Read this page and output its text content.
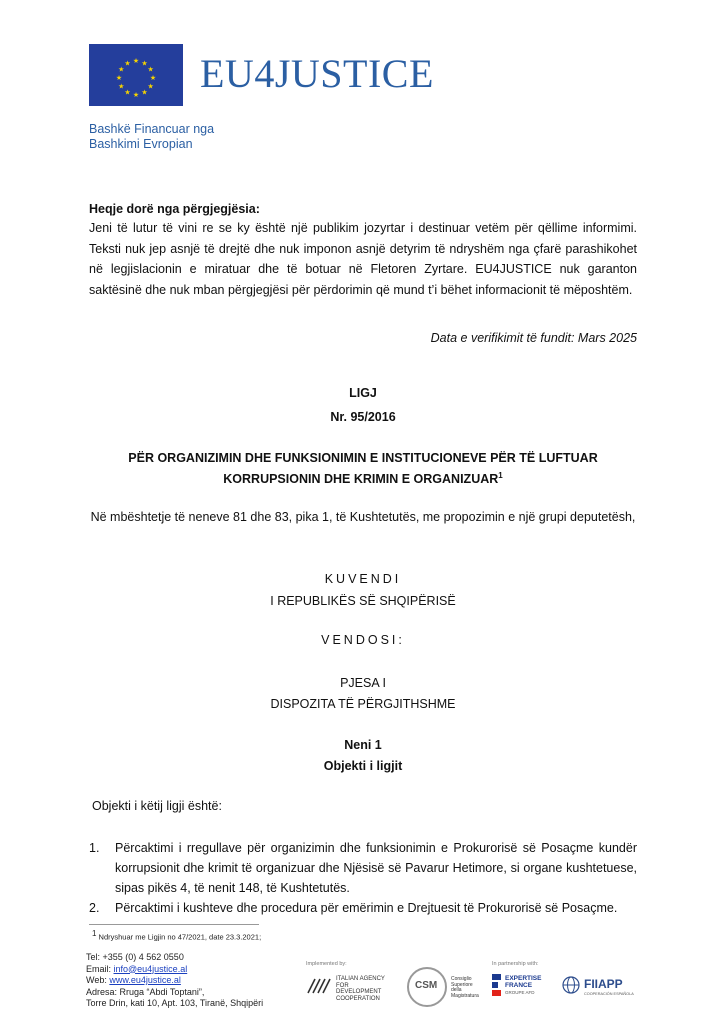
★ ★
★
★
★
★
★
★
★
★
★
★ EU4JUSTICE
Bashkë Financuar nga
Bashkimi Evropian
Heqje dorë nga përgjegjësia:
Jeni të lutur të vini re se ky është një publikim jozyrtar i destinuar vetëm për qëllime informimi. Teksti nuk jep asnjë të drejtë dhe nuk imponon asnjë detyrim të ndryshëm nga çfarë parashikohet në legjislacionin e miratuar dhe të botuar në Fletoren Zyrtare. EU4JUSTICE nuk garanton saktësinë dhe nuk mban përgjegjësi për përdorimin që mund t’i bëhet informacionit të mëposhtëm.
Data e verifikimit të fundit: Mars 2025
LIGJ
Nr. 95/2016
PËR ORGANIZIMIN DHE FUNKSIONIMIN E INSTITUCIONEVE PËR TË LUFTUAR
KORRUPSIONIN DHE KRIMIN E ORGANIZUAR$^1$
Në mbështetje të neneve 81 dhe 83, pika 1, të Kushtetutës, me propozimin e një grupi deputetësh,
KUVENDI
I REPUBLIKËS SË SHQIPËRISË
VENDOSI:
PJESA I
DISPOZITA TË PËRGJITHSHME
Neni 1
Objekti i ligjit
Objekti i këtij ligji është:
1. Përcaktimi i rregullave për organizimin dhe funksionimin e Prokurorisë së Posaçme kundër korrupsionit dhe krimit të organizuar dhe Njësisë së Pavarur Hetimore, si organe kushtetuese, sipas pikës 4, të nenit 148, të Kushtetutës.
2. Përcaktimi i kushteve dhe procedura për emërimin e Drejtuesit të Prokurorisë së Posaçme.
$^1$ Ndryshuar me Ligjin no 47/2021, date 23.3.2021;
Tel: +355 (0) 4 562 0550
Email: info@eu4justice.al
Web: www.eu4justice.al
Adresa: Rruga “Abdi Toptani”,
Torre Drin, kati 10, Apt. 103, Tiranë, Shqipëri
Implemented by:	In partnership with:
ITALIAN AGENCY
FOR DEVELOPMENT
COOPERATION
CSM
Consiglio
Superiore
della Magistratura
EXPERTISE
FRANCE
GROUPE AFD
FIIAPP
COOPERACIÓN ESPAÑOLA
